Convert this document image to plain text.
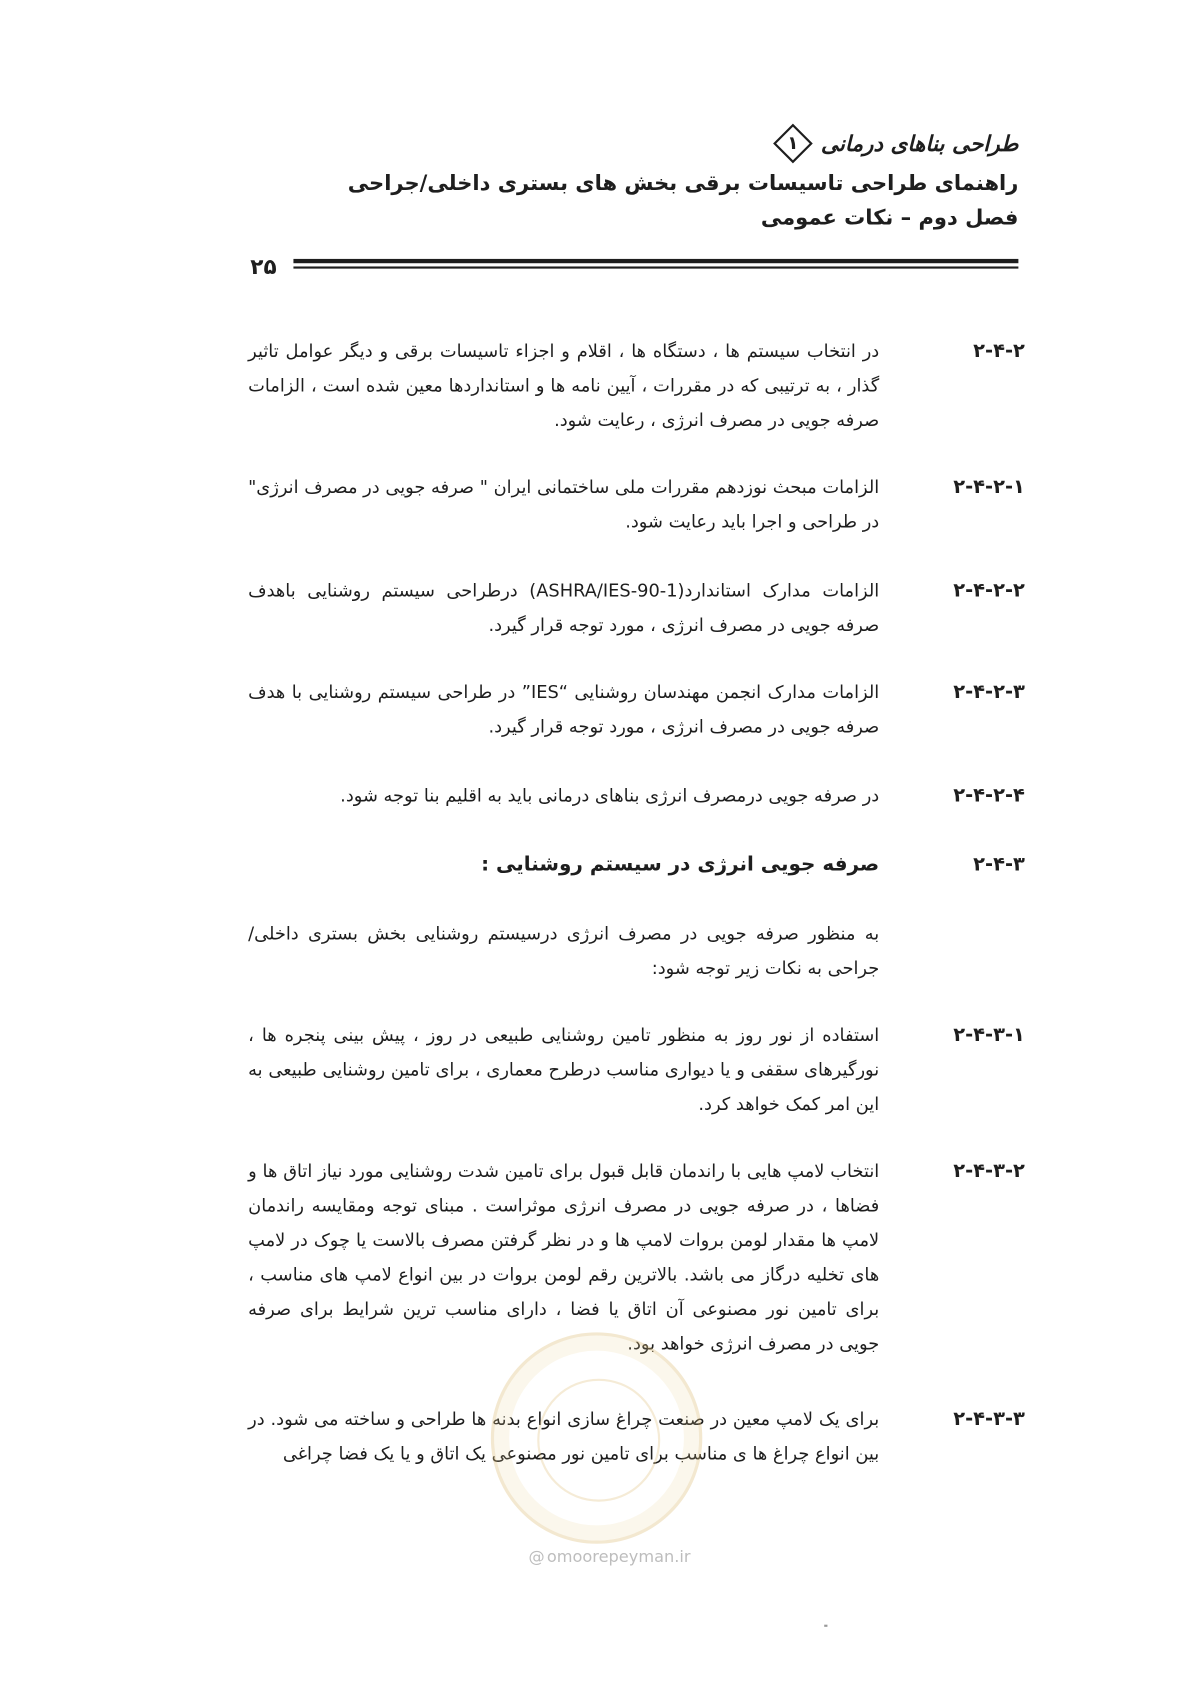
طراحی بناهای درمانی
۱
راهنمای طراحی تاسیسات برقی بخش های بستری داخلی/جراحی
فصل دوم – نکات عمومی
۲۵
۲-۴-۲
در انتخاب سیستم ها ، دستگاه ها ، اقلام و اجزاء تاسیسات برقی و دیگر عوامل تاثیر گذار ، به ترتیبی که در مقررات ، آیین نامه ها و استانداردها معین شده است ، الزامات صرفه جویی در مصرف انرژی ، رعایت شود.
۲-۴-۲-۱
الزامات مبحث نوزدهم مقررات ملی ساختمانی ایران " صرفه جویی در مصرف انرژی" در طراحی و اجرا باید رعایت شود.
۲-۴-۲-۲
الزامات مدارک استاندارد(ASHRA/IES-90-1) درطراحی سیستم روشنایی باهدف صرفه جویی در مصرف انرژی ، مورد توجه قرار گیرد.
۲-۴-۲-۳
الزامات مدارک انجمن مهندسان روشنایی “IES” در طراحی سیستم روشنایی با هدف صرفه جویی در مصرف انرژی ، مورد توجه قرار گیرد.
۲-۴-۲-۴
در صرفه جویی درمصرف انرژی بناهای درمانی باید به اقلیم بنا توجه شود.
۲-۴-۳
صرفه جویی انرژی در سیستم روشنایی :
به منظور صرفه جویی در مصرف انرژی درسیستم روشنایی بخش بستری داخلی/جراحی به نکات زیر توجه شود:
۲-۴-۳-۱
استفاده از نور روز به منظور تامین روشنایی طبیعی در روز ، پیش بینی پنجره ها ، نورگیرهای سقفی و یا دیواری مناسب درطرح معماری ، برای تامین روشنایی طبیعی به این امر کمک خواهد کرد.
۲-۴-۳-۲
انتخاب لامپ هایی با راندمان قابل قبول برای تامین شدت روشنایی مورد نیاز اتاق ها و فضاها ، در صرفه جویی در مصرف انرژی موثراست . مبنای توجه ومقایسه راندمان لامپ ها مقدار لومن بروات لامپ ها و در نظر گرفتن مصرف بالاست یا چوک در لامپ های تخلیه درگاز می باشد. بالاترین رقم لومن بروات در بین انواع لامپ های مناسب ، برای تامین نور مصنوعی آن اتاق یا فضا ، دارای مناسب ترین شرایط برای صرفه جویی در مصرف انرژی خواهد بود.
۲-۴-۳-۳
برای یک لامپ معین در صنعت چراغ سازی انواع بدنه ها طراحی و ساخته می شود. در بین انواع چراغ ها ی مناسب برای تامین نور مصنوعی یک اتاق و یا یک فضا چراغی
@ omoorepeyman.ir
